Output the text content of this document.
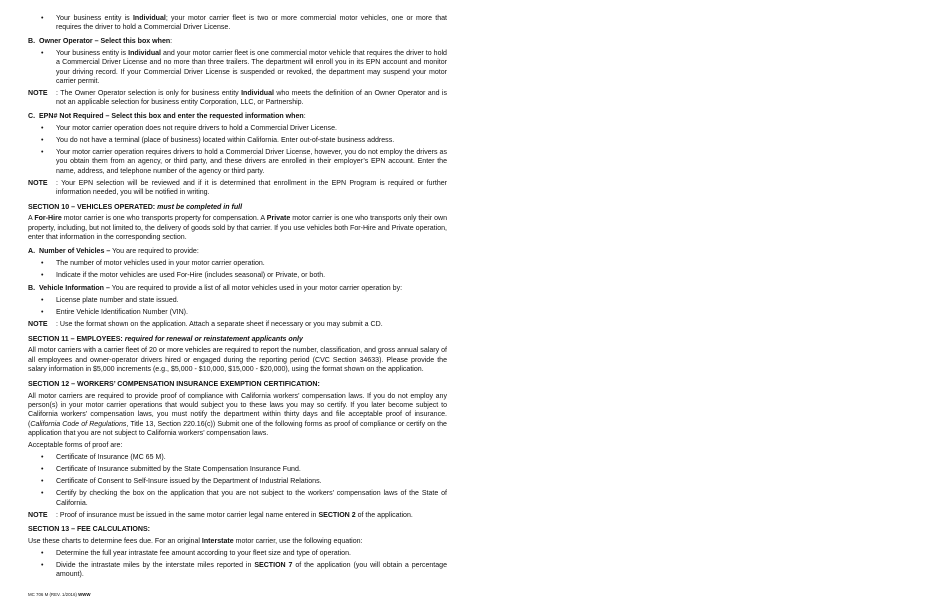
• Your business entity is Individual; your motor carrier fleet is two or more commercial motor vehicles, one or more that requires the driver to hold a Commercial Driver License.
B. Owner Operator – Select this box when:
• Your business entity is Individual and your motor carrier fleet is one commercial motor vehicle that requires the driver to hold a Commercial Driver License and no more than three trailers. The department will enroll you in its EPN account and monitor your driving record. If your Commercial Driver License is suspended or revoked, the department may suspend your motor carrier permit.
NOTE : The Owner Operator selection is only for business entity Individual who meets the definition of an Owner Operator and is not an applicable selection for business entity Corporation, LLC, or Partnership.
C. EPN# Not Required – Select this box and enter the requested information when:
• Your motor carrier operation does not require drivers to hold a Commercial Driver License.
• You do not have a terminal (place of business) located within California. Enter out-of-state business address.
• Your motor carrier operation requires drivers to hold a Commercial Driver License, however, you do not employ the drivers as you obtain them from an agency, or third party, and these drivers are enrolled in their employer’s EPN account. Enter the name, address, and telephone number of the agency or third party.
NOTE : Your EPN selection will be reviewed and if it is determined that enrollment in the EPN Program is required or further information needed, you will be notified in writing.
SECTION 10 – VEHICLES OPERATED: must be completed in full
A For-Hire motor carrier is one who transports property for compensation. A Private motor carrier is one who transports only their own property, including, but not limited to, the delivery of goods sold by that carrier. If you use vehicles both For-Hire and Private operation, enter that information in the corresponding section.
A. Number of Vehicles – You are required to provide:
• The number of motor vehicles used in your motor carrier operation.
• Indicate if the motor vehicles are used For-Hire (includes seasonal) or Private, or both.
B. Vehicle Information – You are required to provide a list of all motor vehicles used in your motor carrier operation by:
• License plate number and state issued.
• Entire Vehicle Identification Number (VIN).
NOTE : Use the format shown on the application. Attach a separate sheet if necessary or you may submit a CD.
SECTION 11 – EMPLOYEES: required for renewal or reinstatement applicants only
All motor carriers with a carrier fleet of 20 or more vehicles are required to report the number, classification, and gross annual salary of all employees and owner-operator drivers hired or engaged during the reporting period (CVC Section 34633). Please provide the salary information in $5,000 increments (e.g., $5,000 - $10,000, $15,000 - $20,000), using the format shown on the application.
SECTION 12 – WORKERS’ COMPENSATION INSURANCE EXEMPTION CERTIFICATION:
All motor carriers are required to provide proof of compliance with California workers’ compensation laws. If you do not employ any person(s) in your motor carrier operations that would subject you to these laws you may so certify. If you later become subject to California workers’ compensation laws, you must notify the department within thirty days and file acceptable proof of insurance. (California Code of Regulations, Title 13, Section 220.16(c)) Submit one of the following forms as proof of compliance or certify on the application that you are not subject to California workers’ compensation laws.
Acceptable forms of proof are:
• Certificate of Insurance (MC 65 M).
• Certificate of Insurance submitted by the State Compensation Insurance Fund.
• Certificate of Consent to Self-Insure issued by the Department of Industrial Relations.
• Certify by checking the box on the application that you are not subject to the workers’ compensation laws of the State of California.
NOTE : Proof of insurance must be issued in the same motor carrier legal name entered in SECTION 2 of the application.
SECTION 13 – FEE CALCULATIONS:
Use these charts to determine fees due. For an original Interstate motor carrier, use the following equation:
• Determine the full year intrastate fee amount according to your fleet size and type of operation.
• Divide the intrastate miles by the interstate miles reported in SECTION 7 of the application (you will obtain a percentage amount).
MC 706 M (REV. 1/2016) WWW
